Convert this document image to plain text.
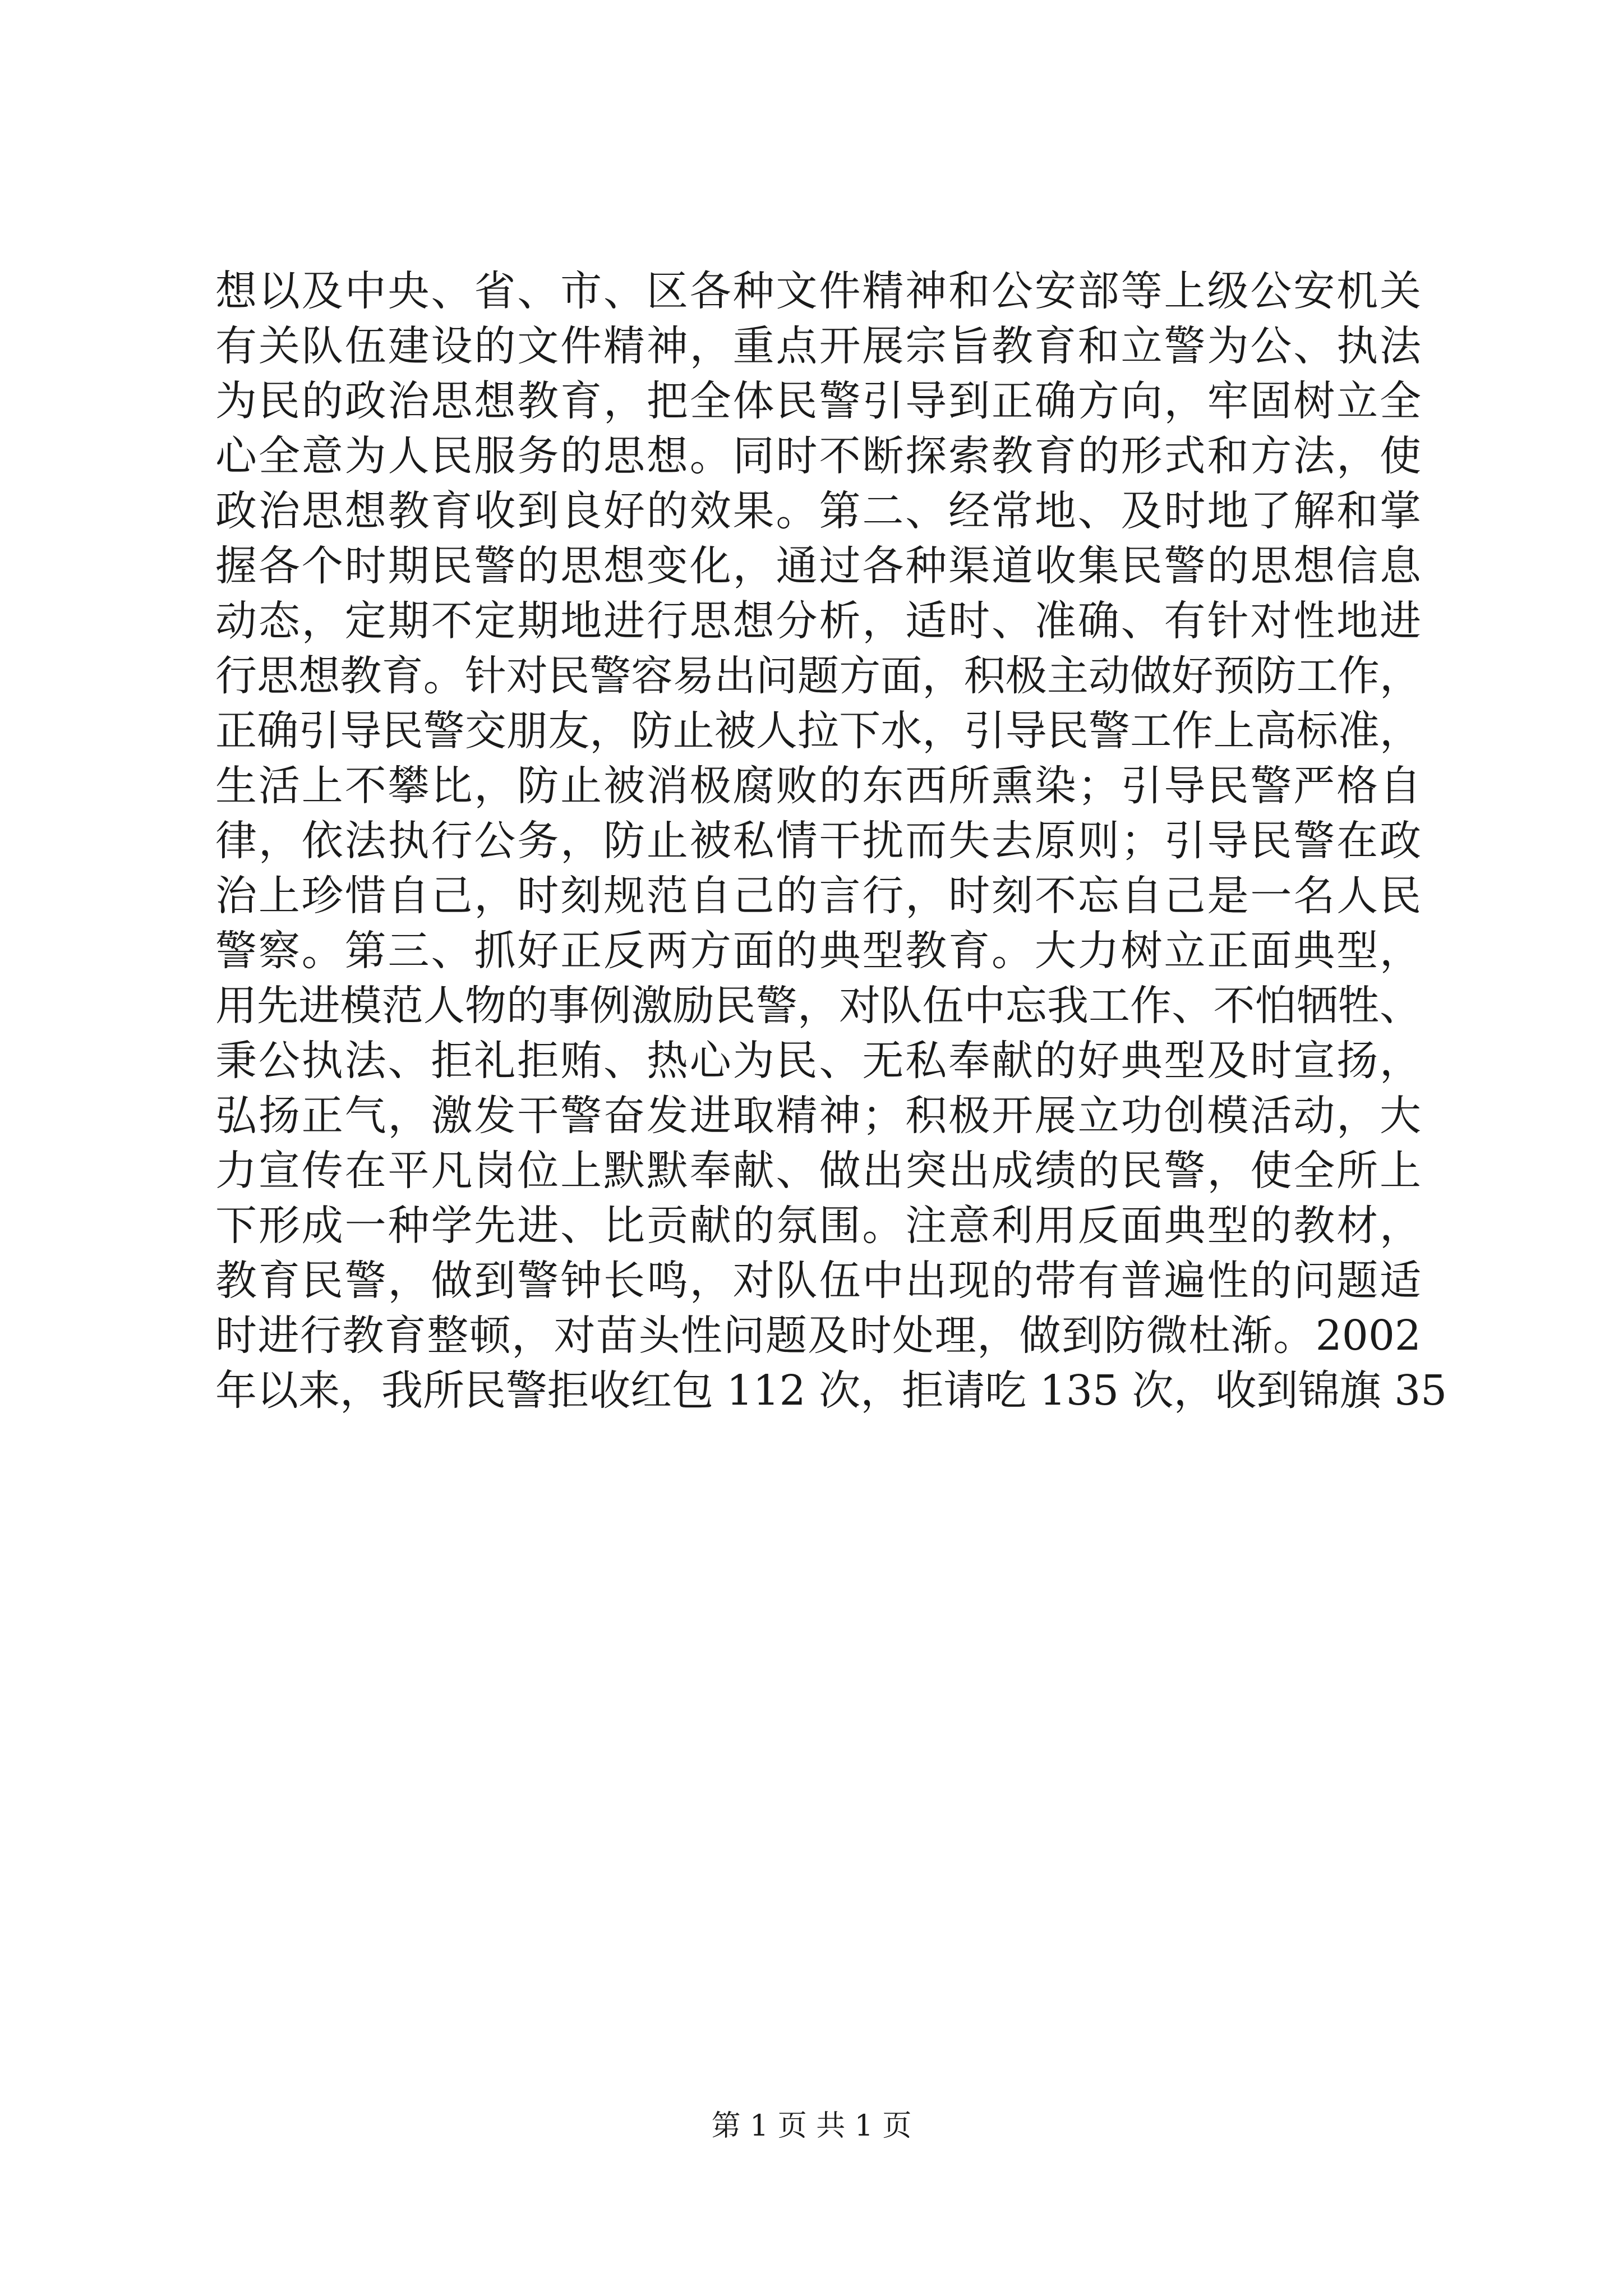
想以及中央、省、市、区各种文件精神和公安部等上级公安机关
有关队伍建设的文件精神，重点开展宗旨教育和立警为公、执法
为民的政治思想教育，把全体民警引导到正确方向，牢固树立全
心全意为人民服务的思想。同时不断探索教育的形式和方法，使
政治思想教育收到良好的效果。第二、经常地、及时地了解和掌
握各个时期民警的思想变化，通过各种渠道收集民警的思想信息
动态，定期不定期地进行思想分析，适时、准确、有针对性地进
行思想教育。针对民警容易出问题方面，积极主动做好预防工作，
正确引导民警交朋友，防止被人拉下水，引导民警工作上高标准，
生活上不攀比，防止被消极腐败的东西所熏染；引导民警严格自
律，依法执行公务，防止被私情干扰而失去原则；引导民警在政
治上珍惜自己，时刻规范自己的言行，时刻不忘自己是一名人民
警察。第三、抓好正反两方面的典型教育。大力树立正面典型，
用先进模范人物的事例激励民警，对队伍中忘我工作、不怕牺牲、
秉公执法、拒礼拒贿、热心为民、无私奉献的好典型及时宣扬，
弘扬正气，激发干警奋发进取精神；积极开展立功创模活动，大
力宣传在平凡岗位上默默奉献、做出突出成绩的民警，使全所上
下形成一种学先进、比贡献的氛围。注意利用反面典型的教材，
教育民警，做到警钟长鸣，对队伍中出现的带有普遍性的问题适
时进行教育整顿，对苗头性问题及时处理，做到防微杜渐。2002
年以来，我所民警拒收红包 112 次，拒请吃 135 次，收到锦旗 35
第 1 页 共 1 页
